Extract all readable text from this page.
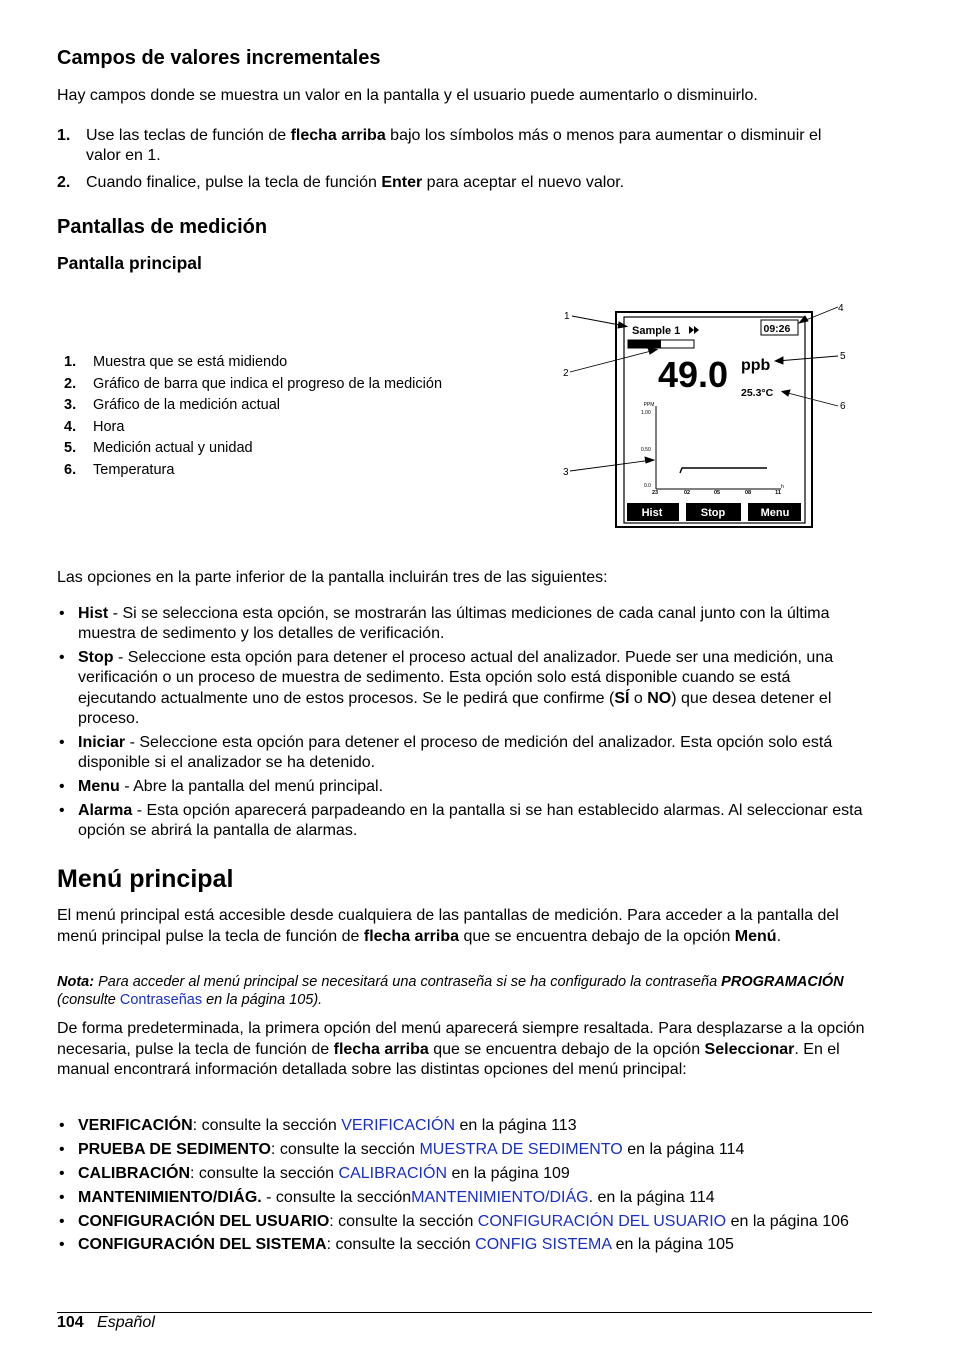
Campos de valores incrementales

Hay campos donde se muestra un valor en la pantalla y el usuario puede aumentarlo o disminuirlo.

1. Use las teclas de función de flecha arriba bajo los símbolos más o menos para aumentar o disminuir el valor en 1.
2. Cuando finalice, pulse la tecla de función Enter para aceptar el nuevo valor.
Pantallas de medición
Pantalla principal
1. Muestra que se está midiendo
2. Gráfico de barra que indica el progreso de la medición
3. Gráfico de la medición actual
4. Hora
5. Medición actual y unidad
6. Temperatura
Sample 1	09:26
49.0 ppb
25.3°C
PPM
1.00
0.50
0.0
23	02	05	08	11
h
Hist	Stop	Menu
1
2
3
4
5
6

Las opciones en la parte inferior de la pantalla incluirán tres de las siguientes:

• Hist - Si se selecciona esta opción, se mostrarán las últimas mediciones de cada canal junto con la última muestra de sedimento y los detalles de verificación.
• Stop - Seleccione esta opción para detener el proceso actual del analizador. Puede ser una medición, una verificación o un proceso de muestra de sedimento. Esta opción solo está disponible cuando se está ejecutando actualmente uno de estos procesos. Se le pedirá que confirme (SÍ o NO) que desea detener el proceso.
• Iniciar - Seleccione esta opción para detener el proceso de medición del analizador. Esta opción solo está disponible si el analizador se ha detenido.
• Menu - Abre la pantalla del menú principal.
• Alarma - Esta opción aparecerá parpadeando en la pantalla si se han establecido alarmas. Al seleccionar esta opción se abrirá la pantalla de alarmas.
Menú principal

El menú principal está accesible desde cualquiera de las pantallas de medición. Para acceder a la pantalla del menú principal pulse la tecla de función de flecha arriba que se encuentra debajo de la opción Menú.

Nota: Para acceder al menú principal se necesitará una contraseña si se ha configurado la contraseña PROGRAMACIÓN (consulte Contraseñas en la página 105).

De forma predeterminada, la primera opción del menú aparecerá siempre resaltada. Para desplazarse a la opción necesaria, pulse la tecla de función de flecha arriba que se encuentra debajo de la opción Seleccionar. En el manual encontrará información detallada sobre las distintas opciones del menú principal:

• VERIFICACIÓN: consulte la sección VERIFICACIÓN en la página 113
• PRUEBA DE SEDIMENTO: consulte la sección MUESTRA DE SEDIMENTO en la página 114
• CALIBRACIÓN: consulte la sección CALIBRACIÓN en la página 109
• MANTENIMIENTO/DIÁG. - consulte la secciónMANTENIMIENTO/DIÁG. en la página 114
• CONFIGURACIÓN DEL USUARIO: consulte la sección CONFIGURACIÓN DEL USUARIO en la página 106
• CONFIGURACIÓN DEL SISTEMA: consulte la sección CONFIG SISTEMA en la página 105
104 Español
